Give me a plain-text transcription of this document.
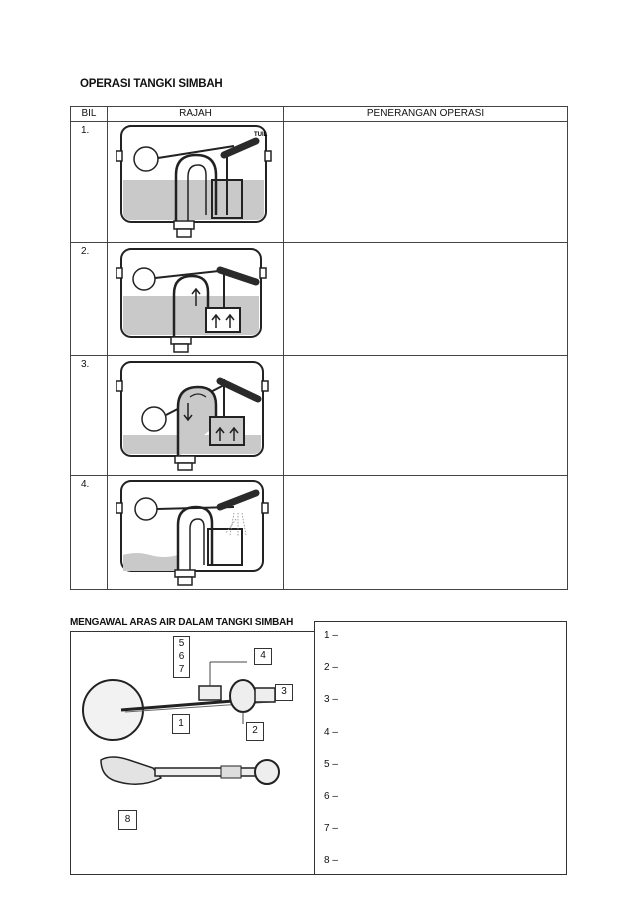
OPERASI TANGKI SIMBAH
BIL	RAJAH	PENERANGAN OPERASI
1.	TUIL	

2.	

3.	

4.	

MENGAWAL ARAS AIR DALAM TANGKI SIMBAH
5
6
7
4
3
1
2
8
1 –
2 –
3 –
4 –
5 –
6 –
7 –
8 –
